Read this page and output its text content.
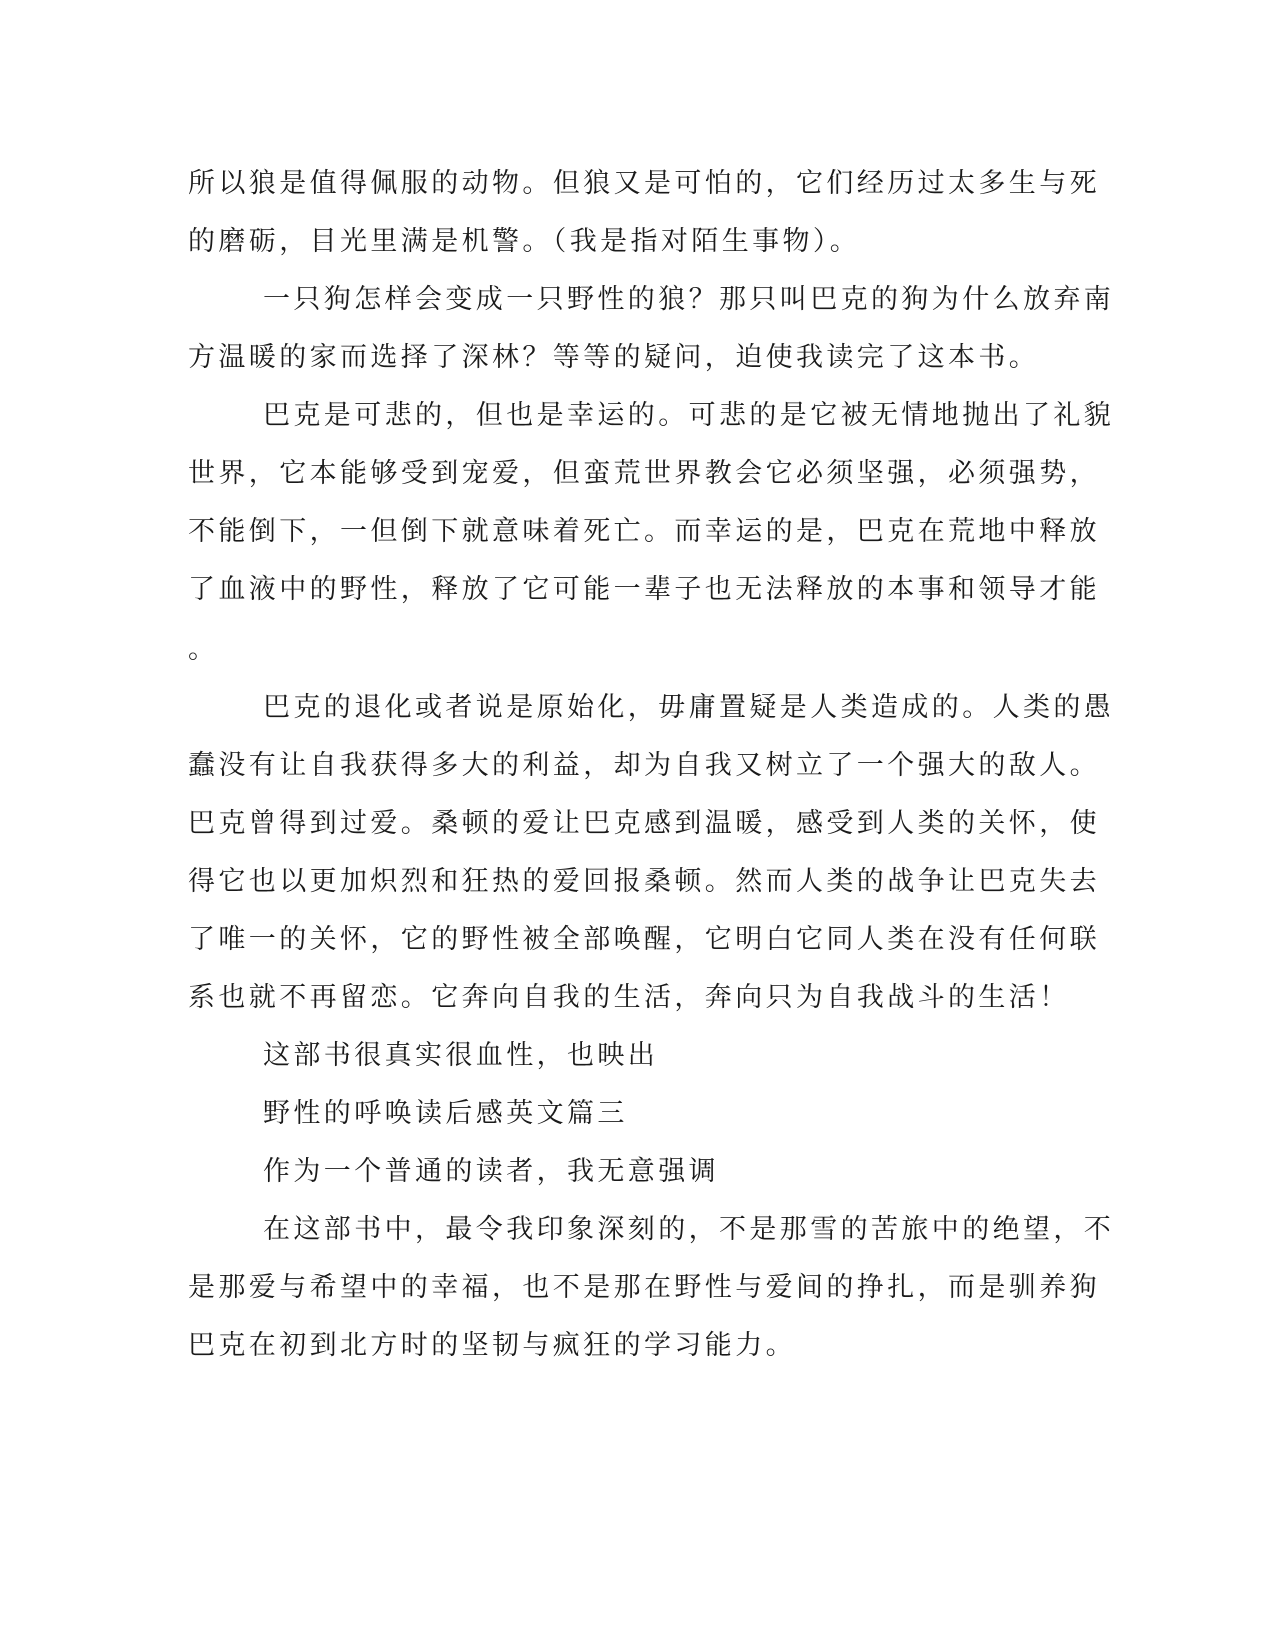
所以狼是值得佩服的动物。但狼又是可怕的，它们经历过太多生与死
的磨砺，目光里满是机警。（我是指对陌生事物）。
一只狗怎样会变成一只野性的狼？那只叫巴克的狗为什么放弃南
方温暖的家而选择了深林？等等的疑问，迫使我读完了这本书。
巴克是可悲的，但也是幸运的。可悲的是它被无情地抛出了礼貌
世界，它本能够受到宠爱，但蛮荒世界教会它必须坚强，必须强势，
不能倒下，一但倒下就意味着死亡。而幸运的是，巴克在荒地中释放
了血液中的野性，释放了它可能一辈子也无法释放的本事和领导才能
。
巴克的退化或者说是原始化，毋庸置疑是人类造成的。人类的愚
蠢没有让自我获得多大的利益，却为自我又树立了一个强大的敌人。
巴克曾得到过爱。桑顿的爱让巴克感到温暖，感受到人类的关怀，使
得它也以更加炽烈和狂热的爱回报桑顿。然而人类的战争让巴克失去
了唯一的关怀，它的野性被全部唤醒，它明白它同人类在没有任何联
系也就不再留恋。它奔向自我的生活，奔向只为自我战斗的生活！
这部书很真实很血性，也映出
野性的呼唤读后感英文篇三
作为一个普通的读者，我无意强调
在这部书中，最令我印象深刻的，不是那雪的苦旅中的绝望，不
是那爱与希望中的幸福，也不是那在野性与爱间的挣扎，而是驯养狗
巴克在初到北方时的坚韧与疯狂的学习能力。
